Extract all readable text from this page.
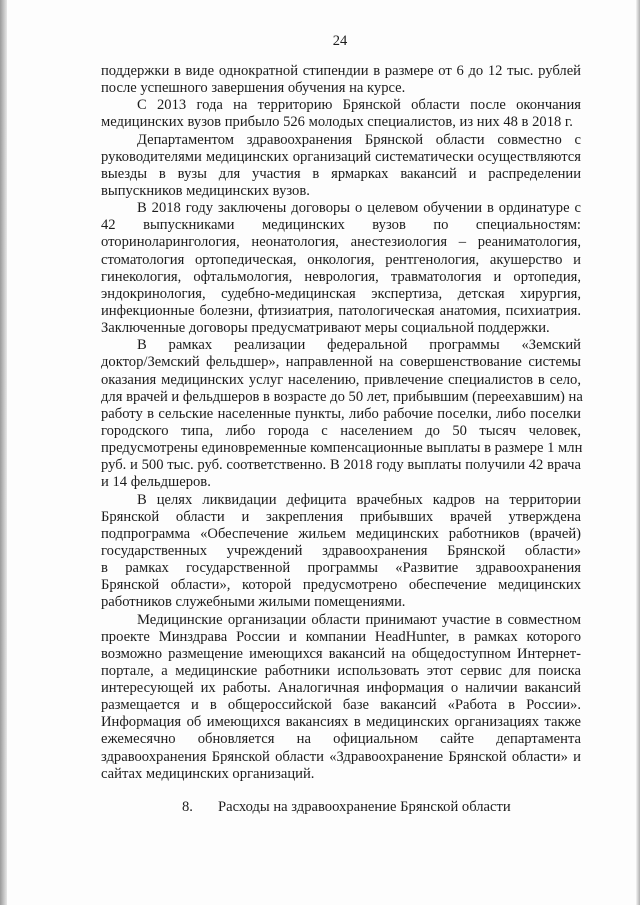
24
поддержки в виде однократной стипендии в размере от 6 до 12 тыс. рублей
после успешного завершения обучения на курсе.
С 2013 года на территорию Брянской области после окончания
медицинских вузов прибыло 526 молодых специалистов, из них 48 в 2018 г.
Департаментом здравоохранения Брянской области совместно с
руководителями медицинских организаций систематически осуществляются
выезды в вузы для участия в ярмарках вакансий и распределении
выпускников медицинских вузов.
В 2018 году заключены договоры о целевом обучении в ординатуре с
42 выпускниками медицинских вузов по специальностям:
оториноларингология, неонатология, анестезиология – реаниматология,
стоматология ортопедическая, онкология, рентгенология, акушерство и
гинекология, офтальмология, неврология, травматология и ортопедия,
эндокринология, судебно-медицинская экспертиза, детская хирургия,
инфекционные болезни, фтизиатрия, патологическая анатомия, психиатрия.
Заключенные договоры предусматривают меры социальной поддержки.
В рамках реализации федеральной программы «Земский
доктор/Земский фельдшер», направленной на совершенствование системы
оказания медицинских услуг населению, привлечение специалистов в село,
для врачей и фельдшеров в возрасте до 50 лет, прибывшим (переехавшим) на
работу в сельские населенные пункты, либо рабочие поселки, либо поселки
городского типа, либо города с населением до 50 тысяч человек,
предусмотрены единовременные компенсационные выплаты в размере 1 млн
руб. и 500 тыс. руб. соответственно. В 2018 году выплаты получили 42 врача
и 14 фельдшеров.
В целях ликвидации дефицита врачебных кадров на территории
Брянской области и закрепления прибывших врачей утверждена
подпрограмма «Обеспечение жильем медицинских работников (врачей)
государственных учреждений здравоохранения Брянской области»
в рамках государственной программы «Развитие здравоохранения
Брянской области», которой предусмотрено обеспечение медицинских
работников служебными жилыми помещениями.
Медицинские организации области принимают участие в совместном
проекте Минздрава России и компании HeadHunter, в рамках которого
возможно размещение имеющихся вакансий на общедоступном Интернет-
портале, а медицинские работники использовать этот сервис для поиска
интересующей их работы. Аналогичная информация о наличии вакансий
размещается и в общероссийской базе вакансий «Работа в России».
Информация об имеющихся вакансиях в медицинских организациях также
ежемесячно обновляется на официальном сайте департамента
здравоохранения Брянской области «Здравоохранение Брянской области» и
сайтах медицинских организаций.
8. Расходы на здравоохранение Брянской области
